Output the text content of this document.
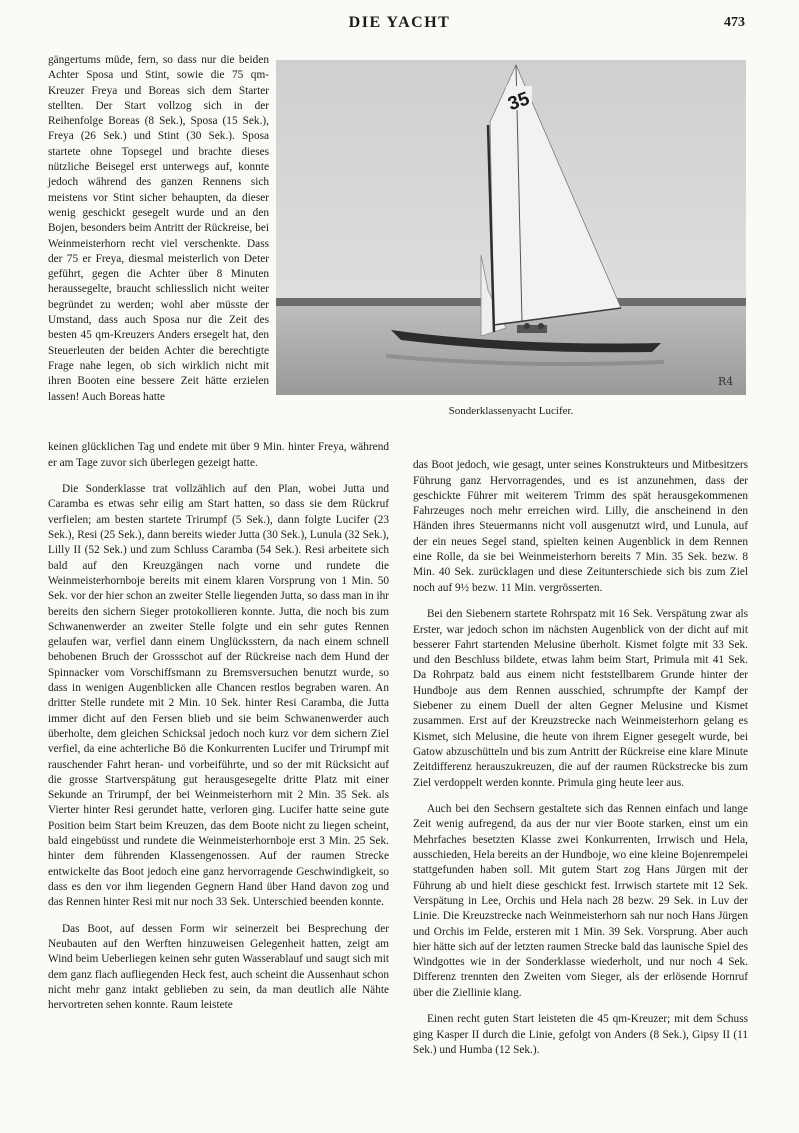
DIE YACHT	473
gängertums müde, fern, so dass nur die beiden Achter Sposa und Stint, sowie die 75 qm-Kreuzer Freya und Boreas sich dem Starter stellten. Der Start vollzog sich in der Reihenfolge Boreas (8 Sek.), Sposa (15 Sek.), Freya (26 Sek.) und Stint (30 Sek.). Sposa startete ohne Topsegel und brachte dieses nützliche Beisegel erst unterwegs auf, konnte jedoch während des ganzen Rennens sich meistens vor Stint sicher behaupten, da dieser wenig geschickt gesegelt wurde und an den Bojen, besonders beim Antritt der Rückreise, bei Weinmeisterhorn recht viel verschenkte. Dass der 75 er Freya, diesmal meisterlich von Deter geführt, gegen die Achter über 8 Minuten heraussegelte, braucht schliesslich nicht weiter begründet zu werden; wohl aber müsste der Umstand, dass auch Sposa nur die Zeit des besten 45 qm-Kreuzers Anders ersegelt hat, den Steuerleuten der beiden Achter die berechtigte Frage nahe legen, ob sich wirklich nicht mit ihren Booten eine bessere Zeit hätte erzielen lassen! Auch Boreas hatte
35
R4
Sonderklassenyacht Lucifer.

keinen glücklichen Tag und endete mit über 9 Min. hinter Freya, während er am Tage zuvor sich überlegen gezeigt hatte.

Die Sonderklasse trat vollzählich auf den Plan, wobei Jutta und Caramba es etwas sehr eilig am Start hatten, so dass sie dem Rückruf verfielen; am besten startete Trirumpf (5 Sek.), dann folgte Lucifer (23 Sek.), Resi (25 Sek.), dann bereits wieder Jutta (30 Sek.), Lunula (32 Sek.), Lilly II (52 Sek.) und zum Schluss Caramba (54 Sek.). Resi arbeitete sich bald auf den Kreuzgängen nach vorne und rundete die Weinmeisterhornboje bereits mit einem klaren Vorsprung von 1 Min. 50 Sek. vor der hier schon an zweiter Stelle liegenden Jutta, so dass man in ihr bereits den sichern Sieger protokollieren konnte. Jutta, die noch bis zum Schwanenwerder an zweiter Stelle folgte und ein sehr gutes Rennen gelaufen war, verfiel dann einem Unglücksstern, da nach einem schnell behobenen Bruch der Grossschot auf der Rückreise nach dem Hund der Spinnacker vom Vorschiffsmann zu Bremsversuchen benutzt wurde, so dass in wenigen Augenblicken alle Chancen restlos begraben waren. An dritter Stelle rundete mit 2 Min. 10 Sek. hinter Resi Caramba, die Jutta immer dicht auf den Fersen blieb und sie beim Schwanenwerder auch überholte, dem gleichen Schicksal jedoch noch kurz vor dem sichern Ziel verfiel, da eine achterliche Bö die Konkurrenten Lucifer und Trirumpf mit rauschender Fahrt heran- und vorbeiführte, und so der mit Rücksicht auf die grosse Startverspätung gut herausgesegelte dritte Platz mit einer Sekunde an Trirumpf, der bei Weinmeisterhorn mit 2 Min. 35 Sek. als Vierter hinter Resi gerundet hatte, verloren ging. Lucifer hatte seine gute Position beim Start beim Kreuzen, das dem Boote nicht zu liegen scheint, bald eingebüsst und rundete die Weinmeisterhornboje erst 3 Min. 25 Sek. hinter dem führenden Klassengenossen. Auf der raumen Strecke entwickelte das Boot jedoch eine ganz hervorragende Geschwindigkeit, so dass es den vor ihm liegenden Gegnern Hand über Hand davon zog und das Rennen hinter Resi mit nur noch 33 Sek. Unterschied beenden konnte.

Das Boot, auf dessen Form wir seinerzeit bei Besprechung der Neubauten auf den Werften hinzuweisen Gelegenheit hatten, zeigt am Wind beim Ueberliegen keinen sehr guten Wasserablauf und saugt sich mit dem ganz flach aufliegenden Heck fest, auch scheint die Aussenhaut schon nicht mehr ganz intakt geblieben zu sein, da man deutlich alle Nähte hervortreten sehen konnte. Raum leistete

das Boot jedoch, wie gesagt, unter seines Konstrukteurs und Mitbesitzers Führung ganz Hervorragendes, und es ist anzunehmen, dass der geschickte Führer mit weiterem Trimm des spät herausgekommenen Fahrzeuges noch mehr erreichen wird. Lilly, die anscheinend in den Händen ihres Steuermanns nicht voll ausgenutzt wird, und Lunula, auf der ein neues Segel stand, spielten keinen Augenblick in dem Rennen eine Rolle, da sie bei Weinmeisterhorn bereits 7 Min. 35 Sek. bezw. 8 Min. 40 Sek. zurücklagen und diese Zeitunterschiede sich bis zum Ziel noch auf 9½ bezw. 11 Min. vergrösserten.

Bei den Siebenern startete Rohrspatz mit 16 Sek. Verspätung zwar als Erster, war jedoch schon im nächsten Augenblick von der dicht auf mit besserer Fahrt startenden Melusine überholt. Kismet folgte mit 33 Sek. und den Beschluss bildete, etwas lahm beim Start, Primula mit 41 Sek. Da Rohrpatz bald aus einem nicht feststellbarem Grunde hinter der Hundboje aus dem Rennen ausschied, schrumpfte der Kampf der Siebener zu einem Duell der alten Gegner Melusine und Kismet zusammen. Erst auf der Kreuzstrecke nach Weinmeisterhorn gelang es Kismet, sich Melusine, die heute von ihrem Eigner gesegelt wurde, bei Gatow abzuschütteln und bis zum Antritt der Rückreise eine klare Minute Zeitdifferenz herauszukreuzen, die auf der raumen Rückstrecke bis zum Ziel verdoppelt werden konnte. Primula ging heute leer aus.

Auch bei den Sechsern gestaltete sich das Rennen einfach und lange Zeit wenig aufregend, da aus der nur vier Boote starken, einst um ein Mehrfaches besetzten Klasse zwei Konkurrenten, Irrwisch und Hela, ausschieden, Hela bereits an der Hundboje, wo eine kleine Bojenrempelei stattgefunden haben soll. Mit gutem Start zog Hans Jürgen mit der Führung ab und hielt diese geschickt fest. Irrwisch startete mit 12 Sek. Verspätung in Lee, Orchis und Hela nach 28 bezw. 29 Sek. in Luv der Linie. Die Kreuzstrecke nach Weinmeisterhorn sah nur noch Hans Jürgen und Orchis im Felde, ersteren mit 1 Min. 39 Sek. Vorsprung. Aber auch hier hätte sich auf der letzten raumen Strecke bald das launische Spiel des Windgottes wie in der Sonderklasse wiederholt, und nur noch 4 Sek. Differenz trennten den Zweiten vom Sieger, als der erlösende Hornruf über die Ziellinie klang.

Einen recht guten Start leisteten die 45 qm-Kreuzer; mit dem Schuss ging Kasper II durch die Linie, gefolgt von Anders (8 Sek.), Gipsy II (11 Sek.) und Humba (12 Sek.).
